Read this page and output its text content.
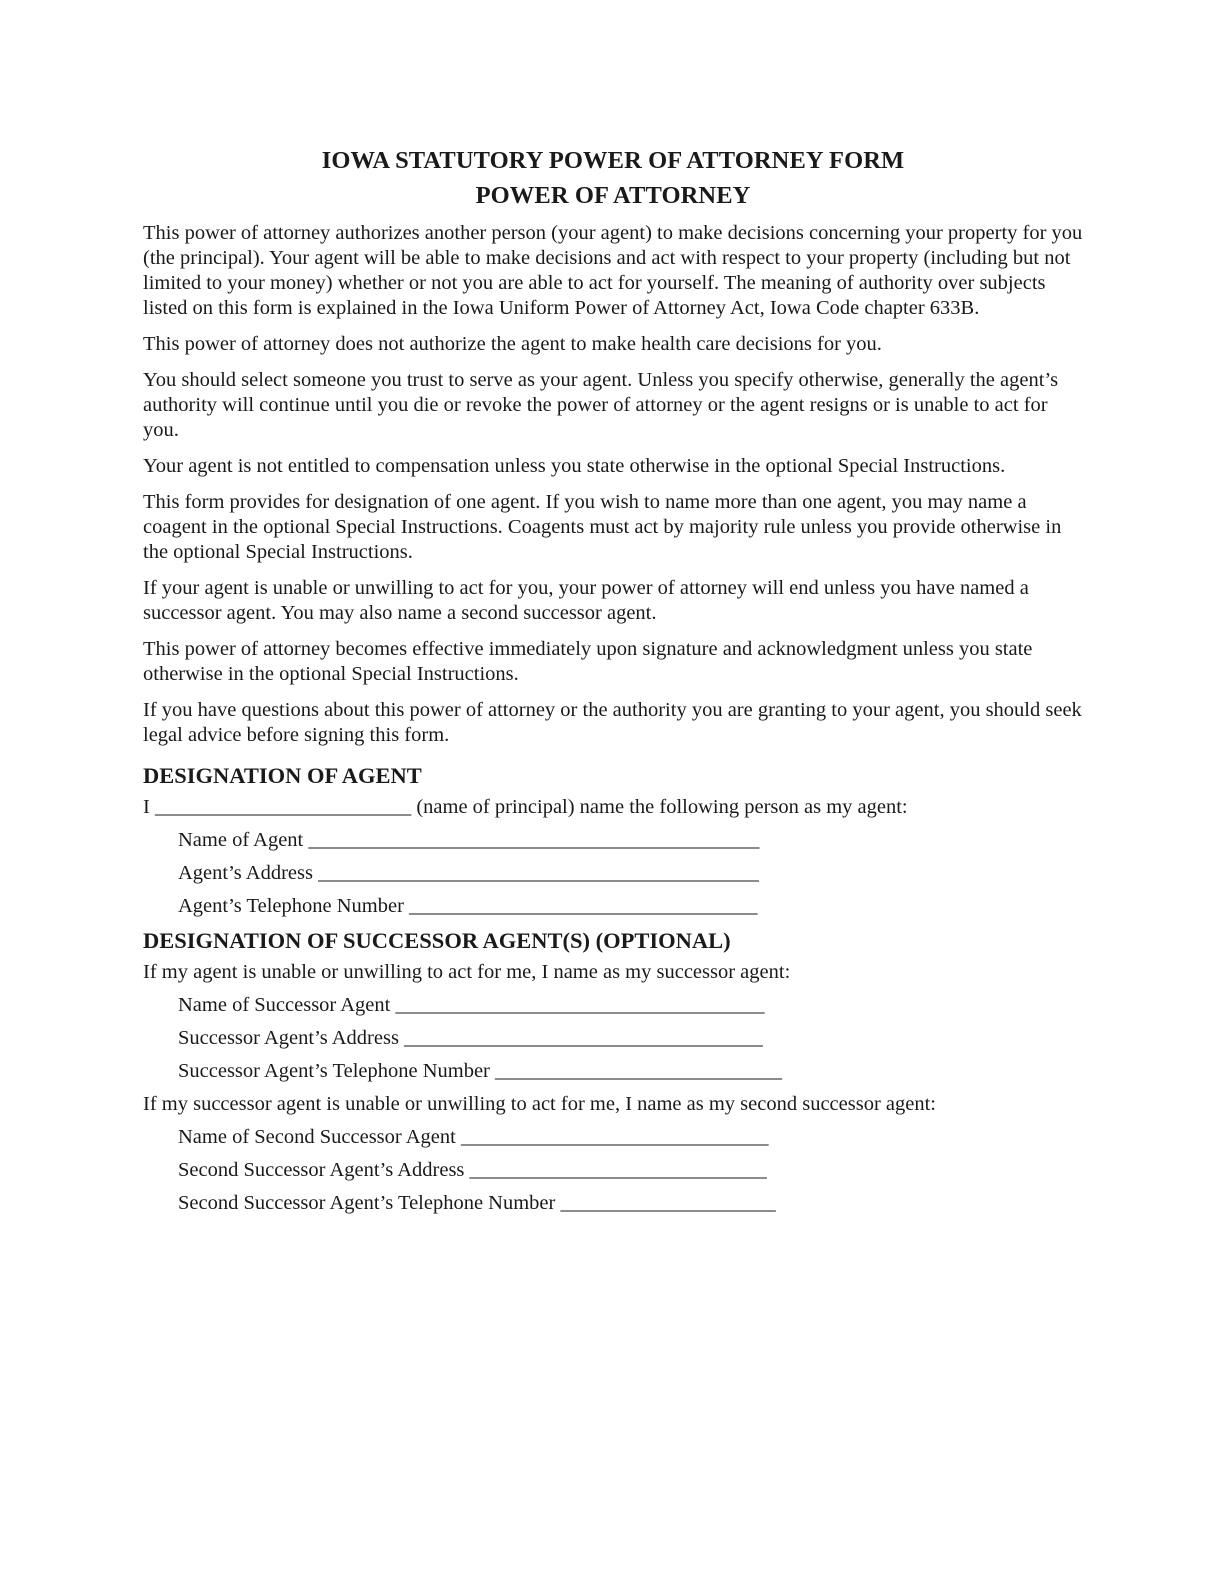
IOWA STATUTORY POWER OF ATTORNEY FORM
POWER OF ATTORNEY

This power of attorney authorizes another person (your agent) to make decisions concerning your property for you (the principal). Your agent will be able to make decisions and act with respect to your property (including but not limited to your money) whether or not you are able to act for yourself. The meaning of authority over subjects listed on this form is explained in the Iowa Uniform Power of Attorney Act, Iowa Code chapter 633B.

This power of attorney does not authorize the agent to make health care decisions for you.

You should select someone you trust to serve as your agent. Unless you specify otherwise, generally the agent’s authority will continue until you die or revoke the power of attorney or the agent resigns or is unable to act for you.

Your agent is not entitled to compensation unless you state otherwise in the optional Special Instructions.

This form provides for designation of one agent. If you wish to name more than one agent, you may name a coagent in the optional Special Instructions. Coagents must act by majority rule unless you provide otherwise in the optional Special Instructions.

If your agent is unable or unwilling to act for you, your power of attorney will end unless you have named a successor agent. You may also name a second successor agent.

This power of attorney becomes effective immediately upon signature and acknowledgment unless you state otherwise in the optional Special Instructions.

If you have questions about this power of attorney or the authority you are granting to your agent, you should seek legal advice before signing this form.

DESIGNATION OF AGENT
I _________________________ (name of principal) name the following person as my agent:
Name of Agent ____________________________________________
Agent’s Address ___________________________________________
Agent’s Telephone Number __________________________________
DESIGNATION OF SUCCESSOR AGENT(S) (OPTIONAL)
If my agent is unable or unwilling to act for me, I name as my successor agent:
Name of Successor Agent ____________________________________
Successor Agent’s Address ___________________________________
Successor Agent’s Telephone Number ____________________________
If my successor agent is unable or unwilling to act for me, I name as my second successor agent:
Name of Second Successor Agent ______________________________
Second Successor Agent’s Address _____________________________
Second Successor Agent’s Telephone Number _____________________
